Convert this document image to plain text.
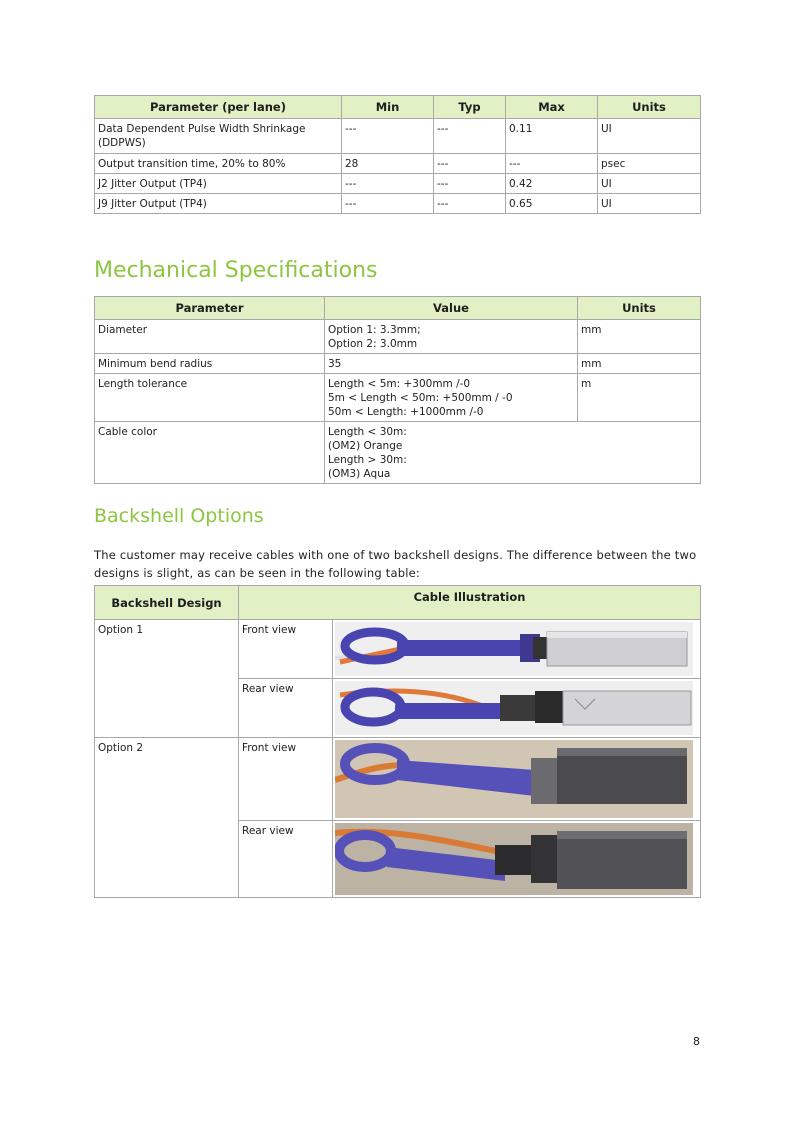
Parameter (per lane)	Min	Typ	Max	Units
Data Dependent Pulse Width Shrinkage (DDPWS)	---	---	0.11	UI
Output transition time, 20% to 80%	28	---	---	psec
J2 Jitter Output (TP4)	---	---	0.42	UI
J9 Jitter Output (TP4)	---	---	0.65	UI
Mechanical Specifications
Parameter	Value	Units
Diameter	Option 1: 3.3mm;
Option 2: 3.0mm	mm
Minimum bend radius	35	mm
Length tolerance	Length < 5m: +300mm /-0
5m < Length < 50m: +500mm / -0
50m < Length: +1000mm /-0	m
Cable color	Length < 30m:
(OM2) Orange
Length > 30m:
(OM3) Aqua	
Backshell Options

The customer may receive cables with one of two backshell designs. The difference between the two designs is slight, as can be seen in the following table:

Backshell Design	Cable Illustration	
Option 1	Front view	

	Rear view	

Option 2	Front view	

	Rear view	
8
